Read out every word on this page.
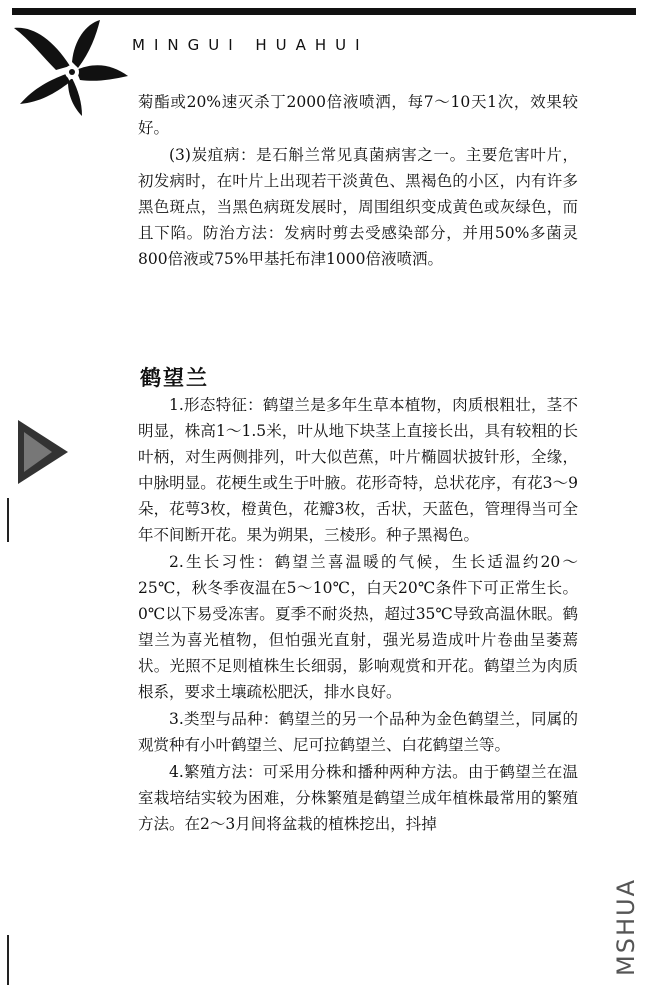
MINGUI HUAHUI

菊酯或20%速灭杀丁2000倍液喷洒，每7～10天1次，效果较好。

(3)炭疽病：是石斛兰常见真菌病害之一。主要危害叶片，初发病时，在叶片上出现若干淡黄色、黑褐色的小区，内有许多黑色斑点，当黑色病斑发展时，周围组织变成黄色或灰绿色，而且下陷。防治方法：发病时剪去受感染部分，并用50%多菌灵800倍液或75%甲基托布津1000倍液喷洒。

鹤望兰

1.形态特征：鹤望兰是多年生草本植物，肉质根粗壮，茎不明显，株高1～1.5米，叶从地下块茎上直接长出，具有较粗的长叶柄，对生两侧排列，叶大似芭蕉，叶片椭圆状披针形，全缘，中脉明显。花梗生或生于叶腋。花形奇特，总状花序，有花3～9朵，花萼3枚，橙黄色，花瓣3枚，舌状，天蓝色，管理得当可全年不间断开花。果为朔果，三棱形。种子黑褐色。

2.生长习性：鹤望兰喜温暖的气候，生长适温约20～25℃，秋冬季夜温在5～10℃，白天20℃条件下可正常生长。0℃以下易受冻害。夏季不耐炎热，超过35℃导致高温休眠。鹤望兰为喜光植物，但怕强光直射，强光易造成叶片卷曲呈萎蔫状。光照不足则植株生长细弱，影响观赏和开花。鹤望兰为肉质根系，要求土壤疏松肥沃，排水良好。

3.类型与品种：鹤望兰的另一个品种为金色鹤望兰，同属的观赏种有小叶鹤望兰、尼可拉鹤望兰、白花鹤望兰等。

4.繁殖方法：可采用分株和播种两种方法。由于鹤望兰在温室栽培结实较为困难，分株繁殖是鹤望兰成年植株最常用的繁殖方法。在2～3月间将盆栽的植株挖出，抖掉

MSHUA
